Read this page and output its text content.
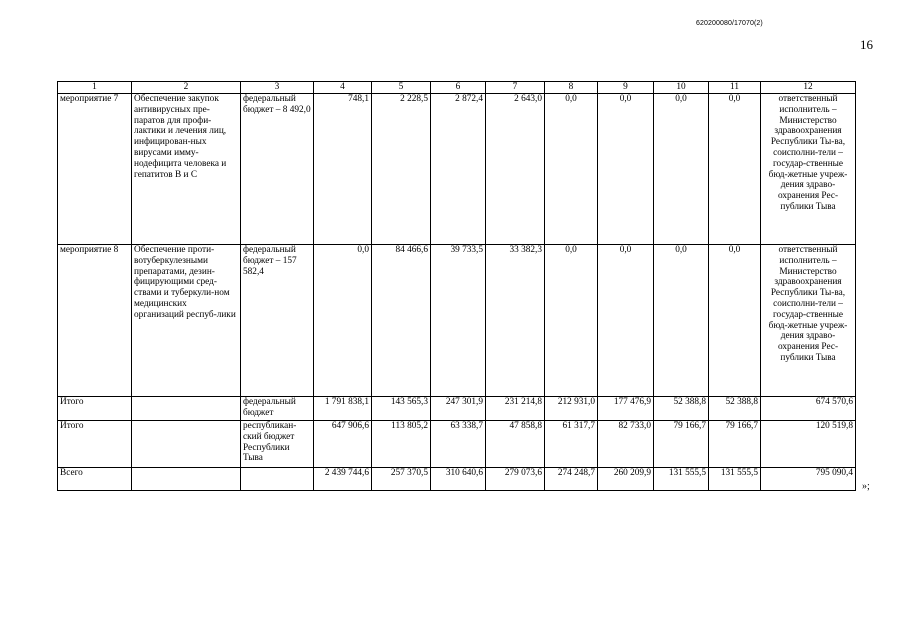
620200080/17070(2)
16
1	2	3	4	5	6	7	8	9	10	11	12
мероприятие 7	Обеспечение закупок антивирусных пре-паратов для профи-лактики и лечения лиц, инфицирован-ных вирусами имму-нодефицита человека и гепатитов В и С	федеральный бюджет – 8 492,0	748,1	2 228,5	2 872,4	2 643,0	0,0	0,0	0,0	0,0	ответственный исполнитель – Министерство здравоохранения Республики Ты-ва, соисполни-тели – государ-ственные бюд-жетные учреж-дения здраво-охранения Рес-публики Тыва
мероприятие 8	Обеспечение проти-вотуберкулезными препаратами, дезин-фицирующими сред-ствами и туберкули-ном медицинских организаций респуб-лики	федеральный бюджет – 157 582,4	0,0	84 466,6	39 733,5	33 382,3	0,0	0,0	0,0	0,0	ответственный исполнитель – Министерство здравоохранения Республики Ты-ва, соисполни-тели – государ-ственные бюд-жетные учреж-дения здраво-охранения Рес-публики Тыва
Итого		федеральный бюджет	1 791 838,1	143 565,3	247 301,9	231 214,8	212 931,0	177 476,9	52 388,8	52 388,8	674 570,6
Итого		республикан-ский бюджет Республики Тыва	647 906,6	113 805,2	63 338,7	47 858,8	61 317,7	82 733,0	79 166,7	79 166,7	120 519,8
Всего			2 439 744,6	257 370,5	310 640,6	279 073,6	274 248,7	260 209,9	131 555,5	131 555,5	795 090,4
»;
